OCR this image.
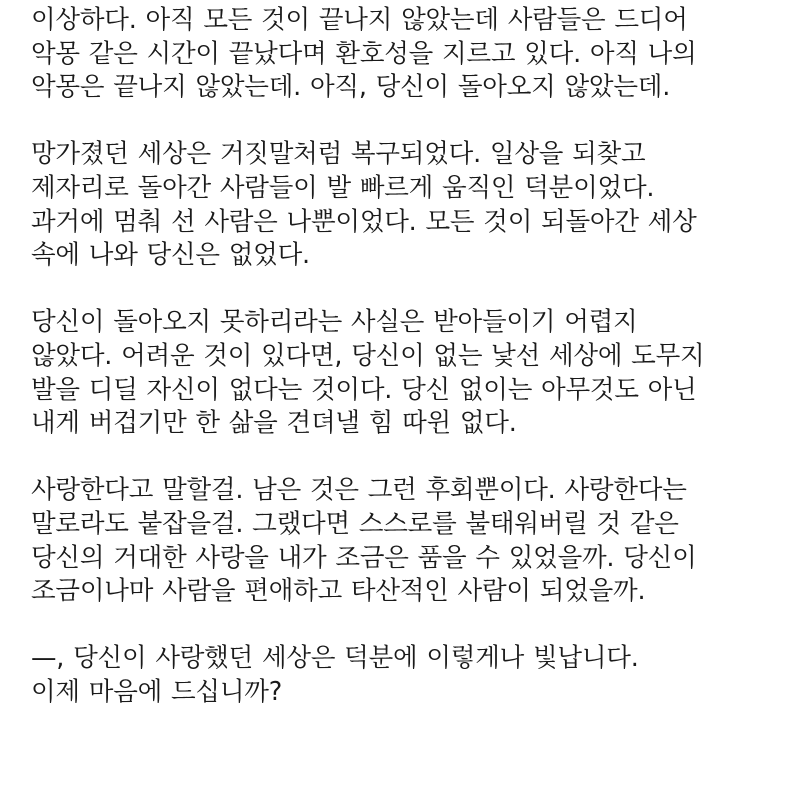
이상하다. 아직 모든 것이 끝나지 않았는데 사람들은 드디어
악몽 같은 시간이 끝났다며 환호성을 지르고 있다. 아직 나의
악몽은 끝나지 않았는데. 아직, 당신이 돌아오지 않았는데.

망가졌던 세상은 거짓말처럼 복구되었다. 일상을 되찾고
제자리로 돌아간 사람들이 발 빠르게 움직인 덕분이었다.
과거에 멈춰 선 사람은 나뿐이었다. 모든 것이 되돌아간 세상
속에 나와 당신은 없었다.

당신이 돌아오지 못하리라는 사실은 받아들이기 어렵지
않았다. 어려운 것이 있다면, 당신이 없는 낯선 세상에 도무지
발을 디딜 자신이 없다는 것이다. 당신 없이는 아무것도 아닌
내게 버겁기만 한 삶을 견뎌낼 힘 따윈 없다.

사랑한다고 말할걸. 남은 것은 그런 후회뿐이다. 사랑한다는
말로라도 붙잡을걸. 그랬다면 스스로를 불태워버릴 것 같은
당신의 거대한 사랑을 내가 조금은 품을 수 있었을까. 당신이
조금이나마 사람을 편애하고 타산적인 사람이 되었을까.

—, 당신이 사랑했던 세상은 덕분에 이렇게나 빛납니다.
이제 마음에 드십니까?
